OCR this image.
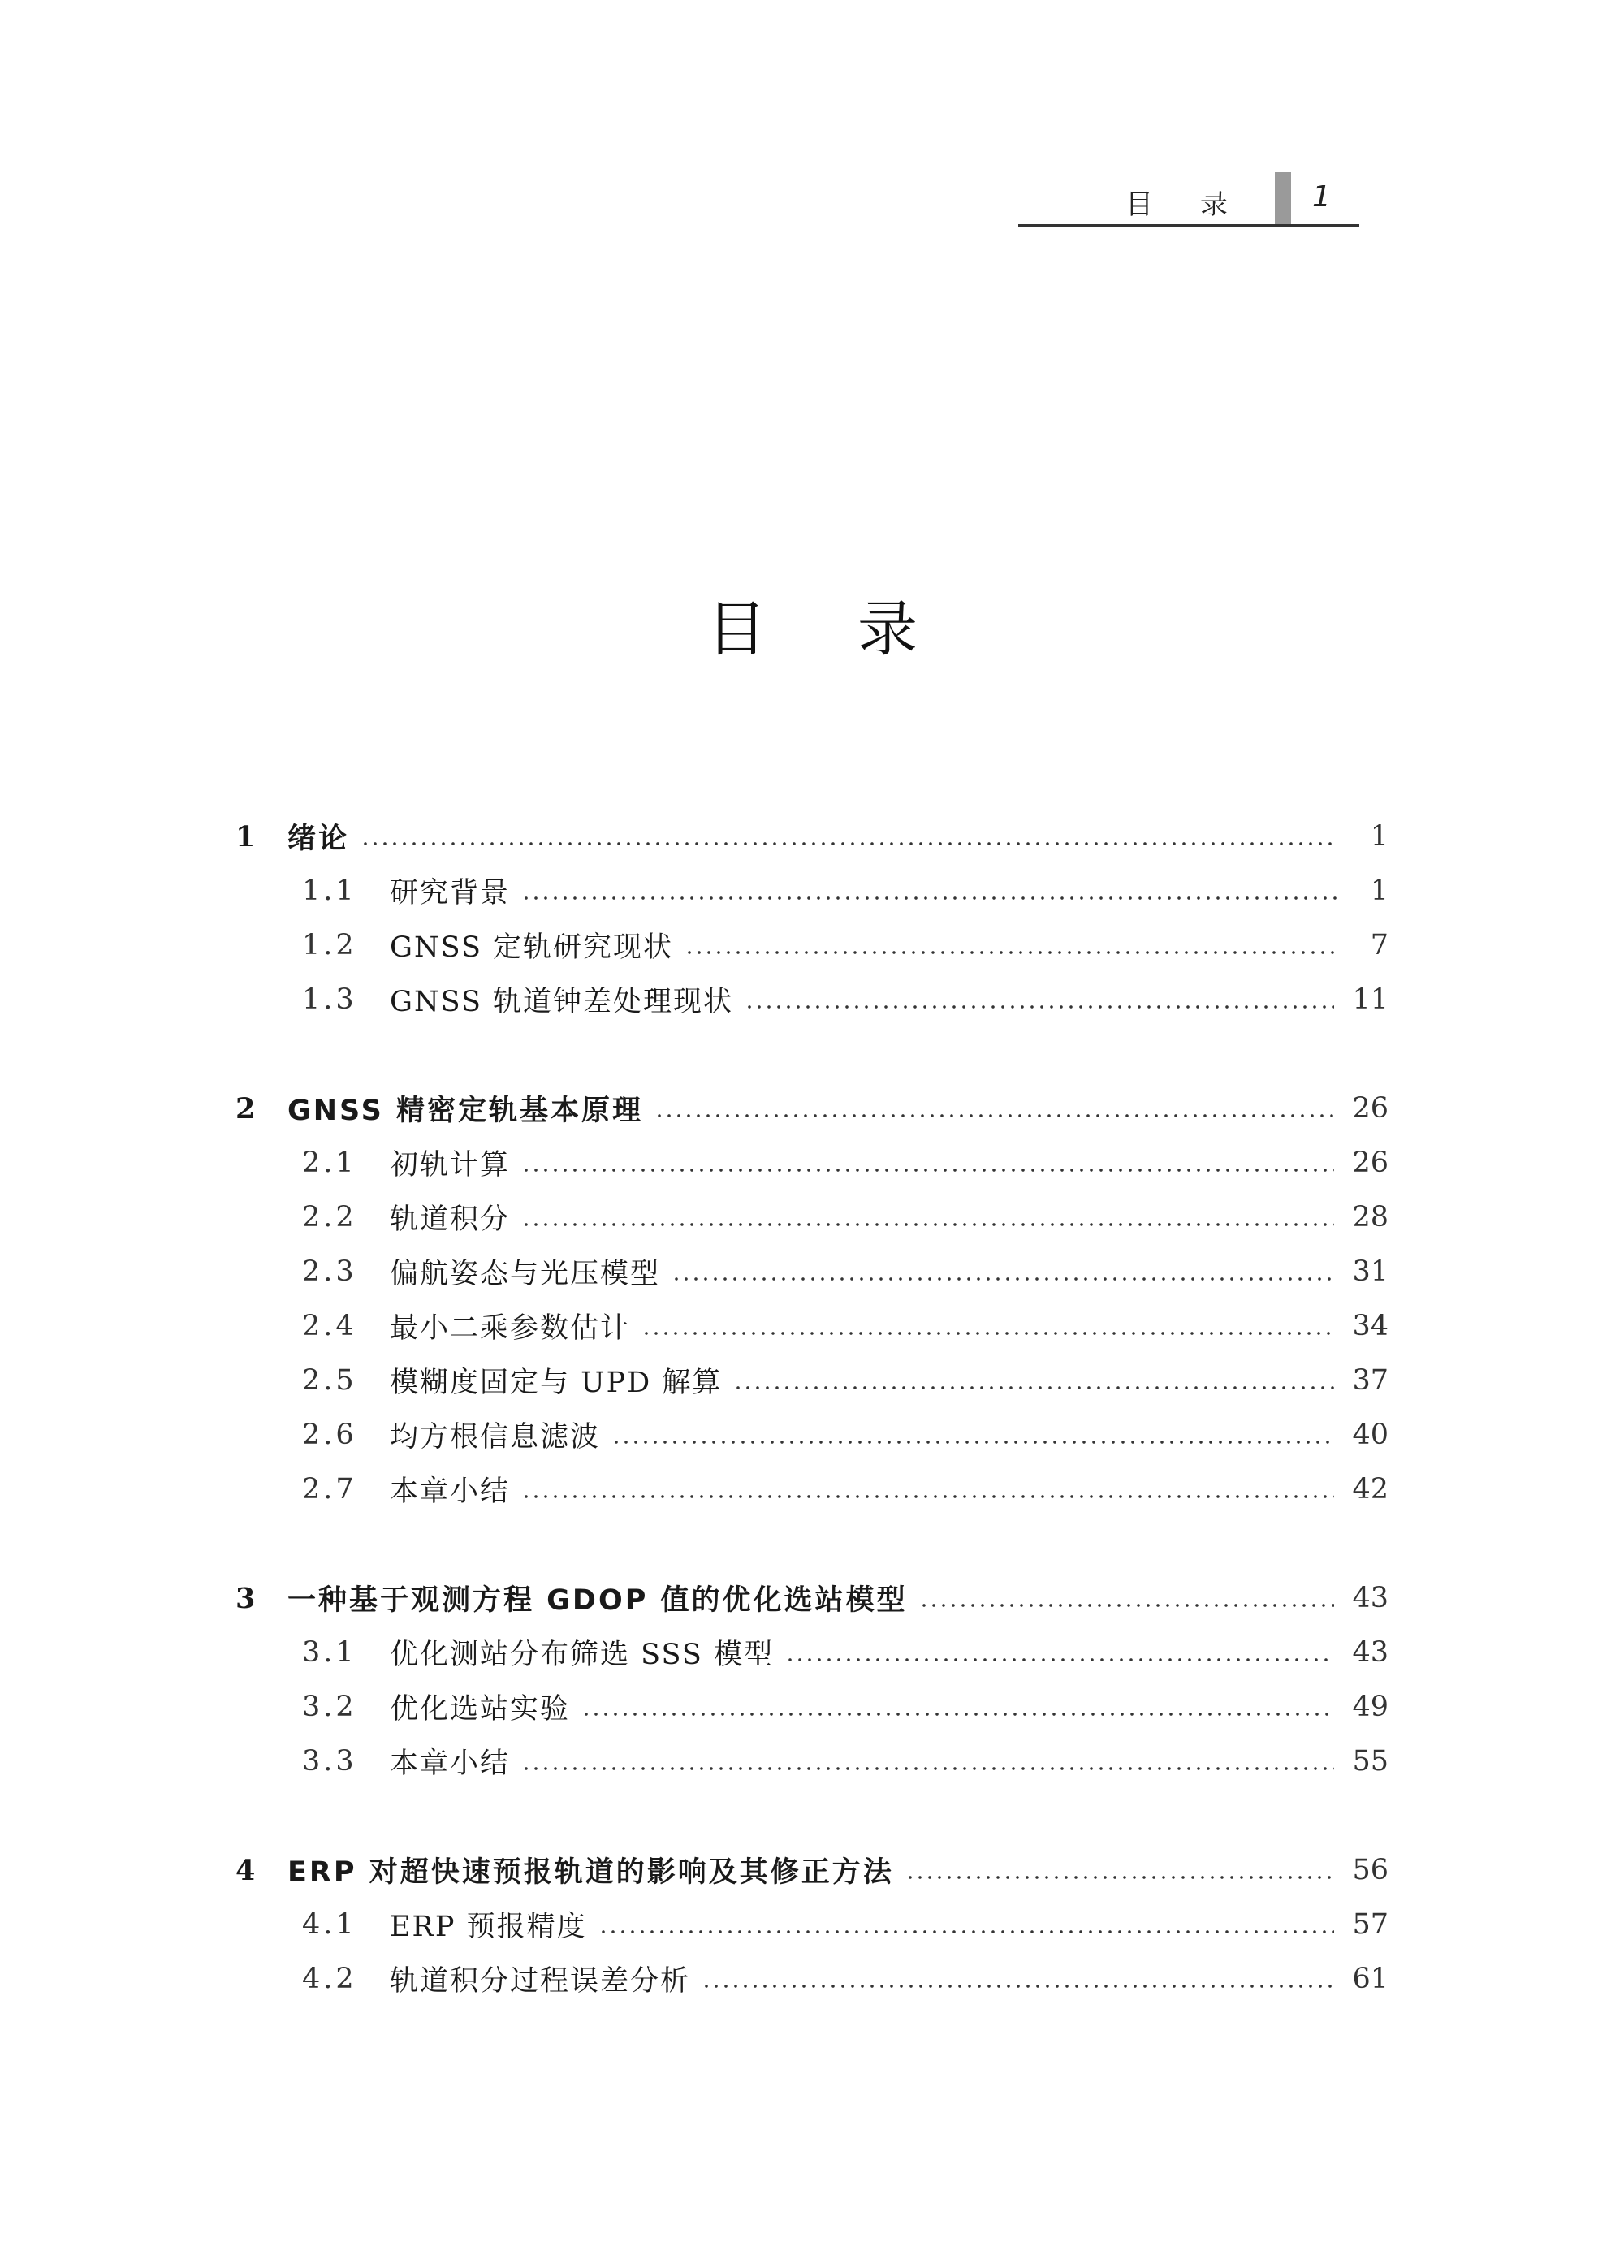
目录 1
目录
1	绪论	1
1.1	研究背景	1
1.2	GNSS 定轨研究现状	7
1.3	GNSS 轨道钟差处理现状	11
2	GNSS 精密定轨基本原理	26
2.1	初轨计算	26
2.2	轨道积分	28
2.3	偏航姿态与光压模型	31
2.4	最小二乘参数估计	34
2.5	模糊度固定与 UPD 解算	37
2.6	均方根信息滤波	40
2.7	本章小结	42
3	一种基于观测方程 GDOP 值的优化选站模型	43
3.1	优化测站分布筛选 SSS 模型	43
3.2	优化选站实验	49
3.3	本章小结	55
4	ERP 对超快速预报轨道的影响及其修正方法	56
4.1	ERP 预报精度	57
4.2	轨道积分过程误差分析	61
